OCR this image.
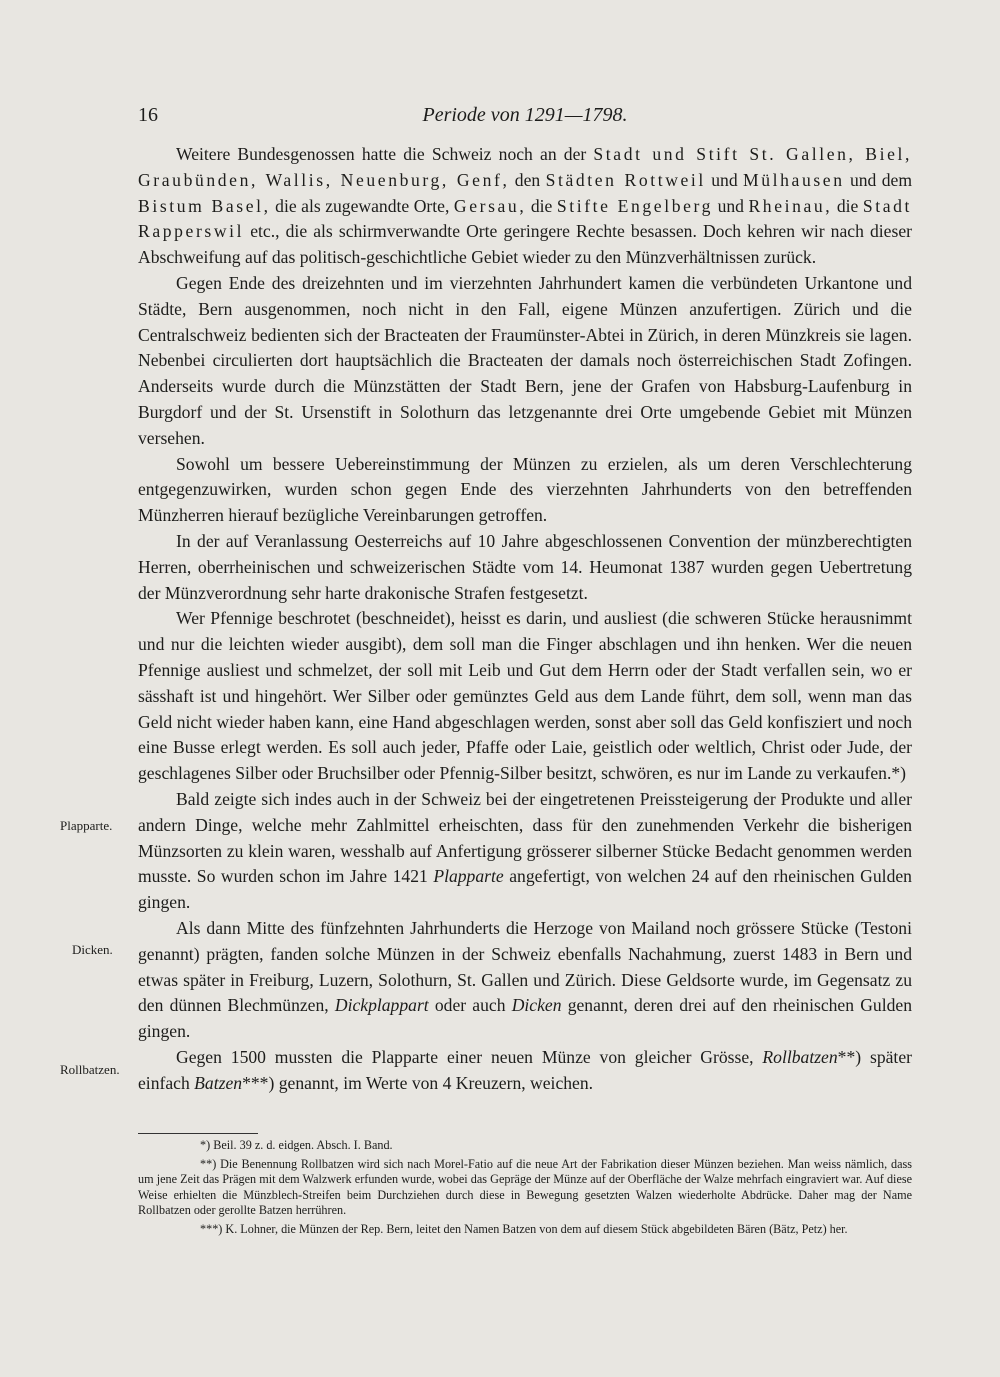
16	Periode von 1291—1798.

Weitere Bundesgenossen hatte die Schweiz noch an der Stadt und Stift St. Gallen, Biel, Graubünden, Wallis, Neuenburg, Genf, den Städten Rottweil und Mülhausen und dem Bistum Basel, die als zugewandte Orte, Gersau, die Stifte Engelberg und Rheinau, die Stadt Rapperswil etc., die als schirmverwandte Orte geringere Rechte besassen. Doch kehren wir nach dieser Abschweifung auf das politisch-geschichtliche Gebiet wieder zu den Münzverhältnissen zurück.

Gegen Ende des dreizehnten und im vierzehnten Jahrhundert kamen die verbündeten Urkantone und Städte, Bern ausgenommen, noch nicht in den Fall, eigene Münzen anzufertigen. Zürich und die Centralschweiz bedienten sich der Bracteaten der Fraumünster-Abtei in Zürich, in deren Münzkreis sie lagen. Nebenbei circulierten dort hauptsächlich die Bracteaten der damals noch österreichischen Stadt Zofingen. Anderseits wurde durch die Münzstätten der Stadt Bern, jene der Grafen von Habsburg-Laufenburg in Burgdorf und der St. Ursenstift in Solothurn das letzgenannte drei Orte umgebende Gebiet mit Münzen versehen.

Sowohl um bessere Uebereinstimmung der Münzen zu erzielen, als um deren Verschlechterung entgegenzuwirken, wurden schon gegen Ende des vierzehnten Jahrhunderts von den betreffenden Münzherren hierauf bezügliche Vereinbarungen getroffen.

In der auf Veranlassung Oesterreichs auf 10 Jahre abgeschlossenen Convention der münzberechtigten Herren, oberrheinischen und schweizerischen Städte vom 14. Heumonat 1387 wurden gegen Uebertretung der Münzverordnung sehr harte drakonische Strafen festgesetzt.

Wer Pfennige beschrotet (beschneidet), heisst es darin, und ausliest (die schweren Stücke herausnimmt und nur die leichten wieder ausgibt), dem soll man die Finger abschlagen und ihn henken. Wer die neuen Pfennige ausliest und schmelzet, der soll mit Leib und Gut dem Herrn oder der Stadt verfallen sein, wo er sässhaft ist und hingehört. Wer Silber oder gemünztes Geld aus dem Lande führt, dem soll, wenn man das Geld nicht wieder haben kann, eine Hand abgeschlagen werden, sonst aber soll das Geld konfisziert und noch eine Busse erlegt werden. Es soll auch jeder, Pfaffe oder Laie, geistlich oder weltlich, Christ oder Jude, der geschlagenes Silber oder Bruchsilber oder Pfennig-Silber besitzt, schwören, es nur im Lande zu verkaufen.*)

Bald zeigte sich indes auch in der Schweiz bei der eingetretenen Preissteigerung der Produkte und aller andern Dinge, welche mehr Zahlmittel erheischten, dass für den zunehmenden Verkehr die bisherigen Münzsorten zu klein waren, wesshalb auf Anfertigung grösserer silberner Stücke Bedacht genommen werden musste. So wurden schon im Jahre 1421 Plapparte angefertigt, von welchen 24 auf den rheinischen Gulden gingen.

Als dann Mitte des fünfzehnten Jahrhunderts die Herzoge von Mailand noch grössere Stücke (Testoni genannt) prägten, fanden solche Münzen in der Schweiz ebenfalls Nachahmung, zuerst 1483 in Bern und etwas später in Freiburg, Luzern, Solothurn, St. Gallen und Zürich. Diese Geldsorte wurde, im Gegensatz zu den dünnen Blechmünzen, Dickplappart oder auch Dicken genannt, deren drei auf den rheinischen Gulden gingen.

Gegen 1500 mussten die Plapparte einer neuen Münze von gleicher Grösse, Rollbatzen**) später einfach Batzen***) genannt, im Werte von 4 Kreuzern, weichen.

Plapparte.
Dicken.
Rollbatzen.

*) Beil. 39 z. d. eidgen. Absch. I. Band.

**) Die Benennung Rollbatzen wird sich nach Morel-Fatio auf die neue Art der Fabrikation dieser Münzen beziehen. Man weiss nämlich, dass um jene Zeit das Prägen mit dem Walzwerk erfunden wurde, wobei das Gepräge der Münze auf der Oberfläche der Walze mehrfach eingraviert war. Auf diese Weise erhielten die Münzblech-Streifen beim Durchziehen durch diese in Bewegung gesetzten Walzen wiederholte Abdrücke. Daher mag der Name Rollbatzen oder gerollte Batzen herrühren.

***) K. Lohner, die Münzen der Rep. Bern, leitet den Namen Batzen von dem auf diesem Stück abgebildeten Bären (Bätz, Petz) her.
